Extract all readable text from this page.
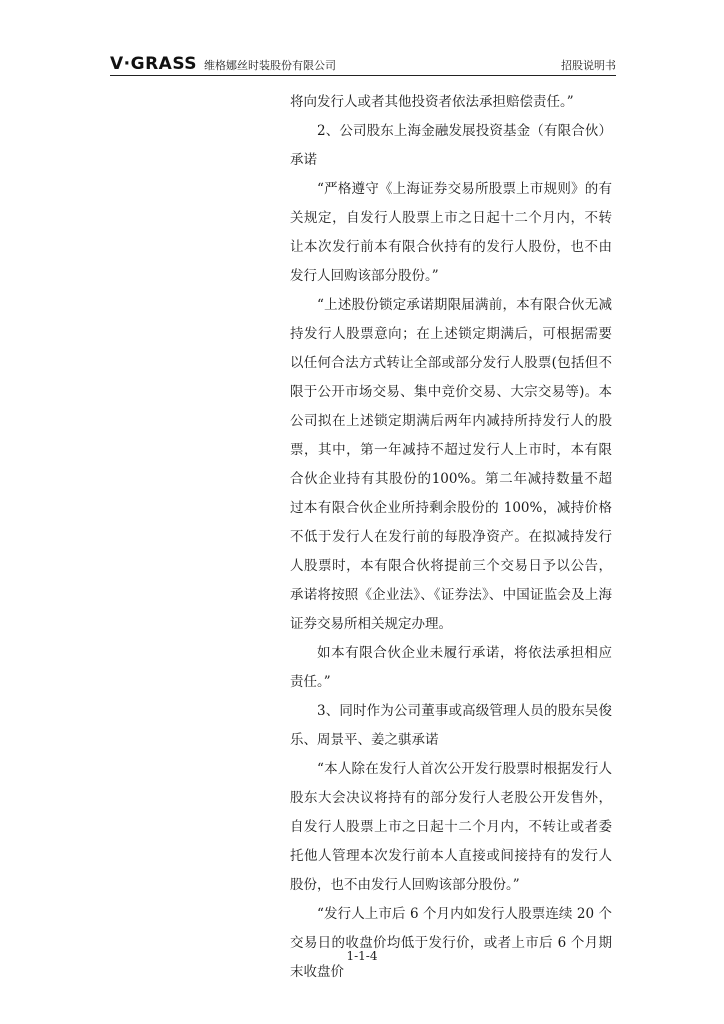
V·GRASS 维格娜丝时装股份有限公司	招股说明书

将向发行人或者其他投资者依法承担赔偿责任。”

2、公司股东上海金融发展投资基金（有限合伙）承诺

“严格遵守《上海证券交易所股票上市规则》的有关规定，自发行人股票上市之日起十二个月内，不转让本次发行前本有限合伙持有的发行人股份，也不由发行人回购该部分股份。”

“上述股份锁定承诺期限届满前，本有限合伙无减持发行人股票意向；在上述锁定期满后，可根据需要以任何合法方式转让全部或部分发行人股票(包括但不限于公开市场交易、集中竞价交易、大宗交易等)。本公司拟在上述锁定期满后两年内减持所持发行人的股票，其中，第一年减持不超过发行人上市时，本有限合伙企业持有其股份的100%。第二年减持数量不超过本有限合伙企业所持剩余股份的 100%，减持价格不低于发行人在发行前的每股净资产。在拟减持发行人股票时，本有限合伙将提前三个交易日予以公告，承诺将按照《企业法》、《证券法》、中国证监会及上海证券交易所相关规定办理。

如本有限合伙企业未履行承诺，将依法承担相应责任。”

3、同时作为公司董事或高级管理人员的股东吴俊乐、周景平、姜之骐承诺

“本人除在发行人首次公开发行股票时根据发行人股东大会决议将持有的部分发行人老股公开发售外，自发行人股票上市之日起十二个月内，不转让或者委托他人管理本次发行前本人直接或间接持有的发行人股份，也不由发行人回购该部分股份。”

“发行人上市后 6 个月内如发行人股票连续 20 个交易日的收盘价均低于发行价，或者上市后 6 个月期末收盘价

1-1-4
